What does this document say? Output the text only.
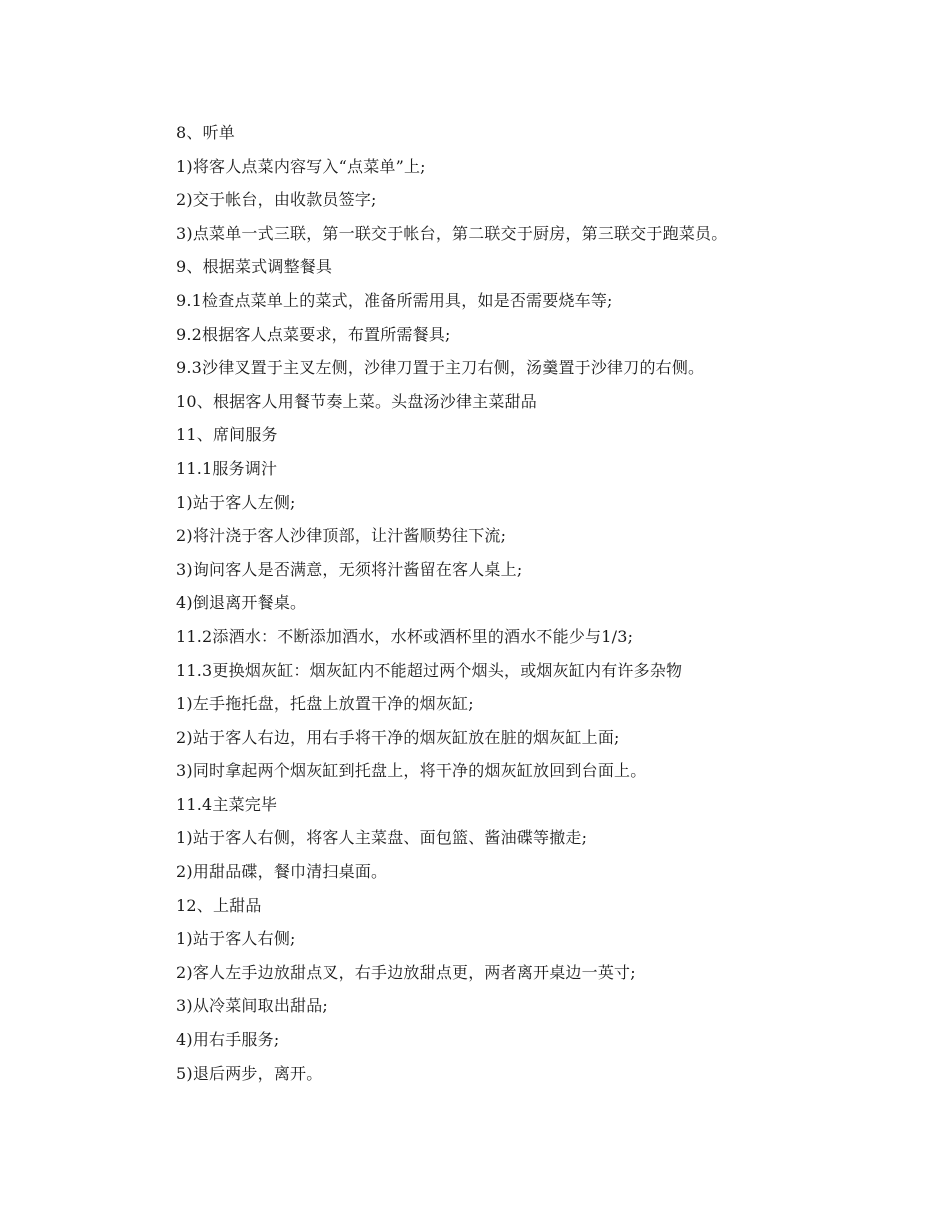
8、听单
1)将客人点菜内容写入“点菜单”上;
2)交于帐台，由收款员签字;
3)点菜单一式三联，第一联交于帐台，第二联交于厨房，第三联交于跑菜员。
9、根据菜式调整餐具
9.1检查点菜单上的菜式，准备所需用具，如是否需要烧车等;
9.2根据客人点菜要求，布置所需餐具;
9.3沙律叉置于主叉左侧，沙律刀置于主刀右侧，汤羹置于沙律刀的右侧。
10、根据客人用餐节奏上菜。头盘汤沙律主菜甜品
11、席间服务
11.1服务调汁
1)站于客人左侧;
2)将汁浇于客人沙律顶部，让汁酱顺势往下流;
3)询问客人是否满意，无须将汁酱留在客人桌上;
4)倒退离开餐桌。
11.2添酒水：不断添加酒水，水杯或酒杯里的酒水不能少与1/3;
11.3更换烟灰缸：烟灰缸内不能超过两个烟头，或烟灰缸内有许多杂物
1)左手拖托盘，托盘上放置干净的烟灰缸;
2)站于客人右边，用右手将干净的烟灰缸放在脏的烟灰缸上面;
3)同时拿起两个烟灰缸到托盘上，将干净的烟灰缸放回到台面上。
11.4主菜完毕
1)站于客人右侧，将客人主菜盘、面包篮、酱油碟等撤走;
2)用甜品碟，餐巾清扫桌面。
12、上甜品
1)站于客人右侧;
2)客人左手边放甜点叉，右手边放甜点更，两者离开桌边一英寸;
3)从冷菜间取出甜品;
4)用右手服务;
5)退后两步，离开。
